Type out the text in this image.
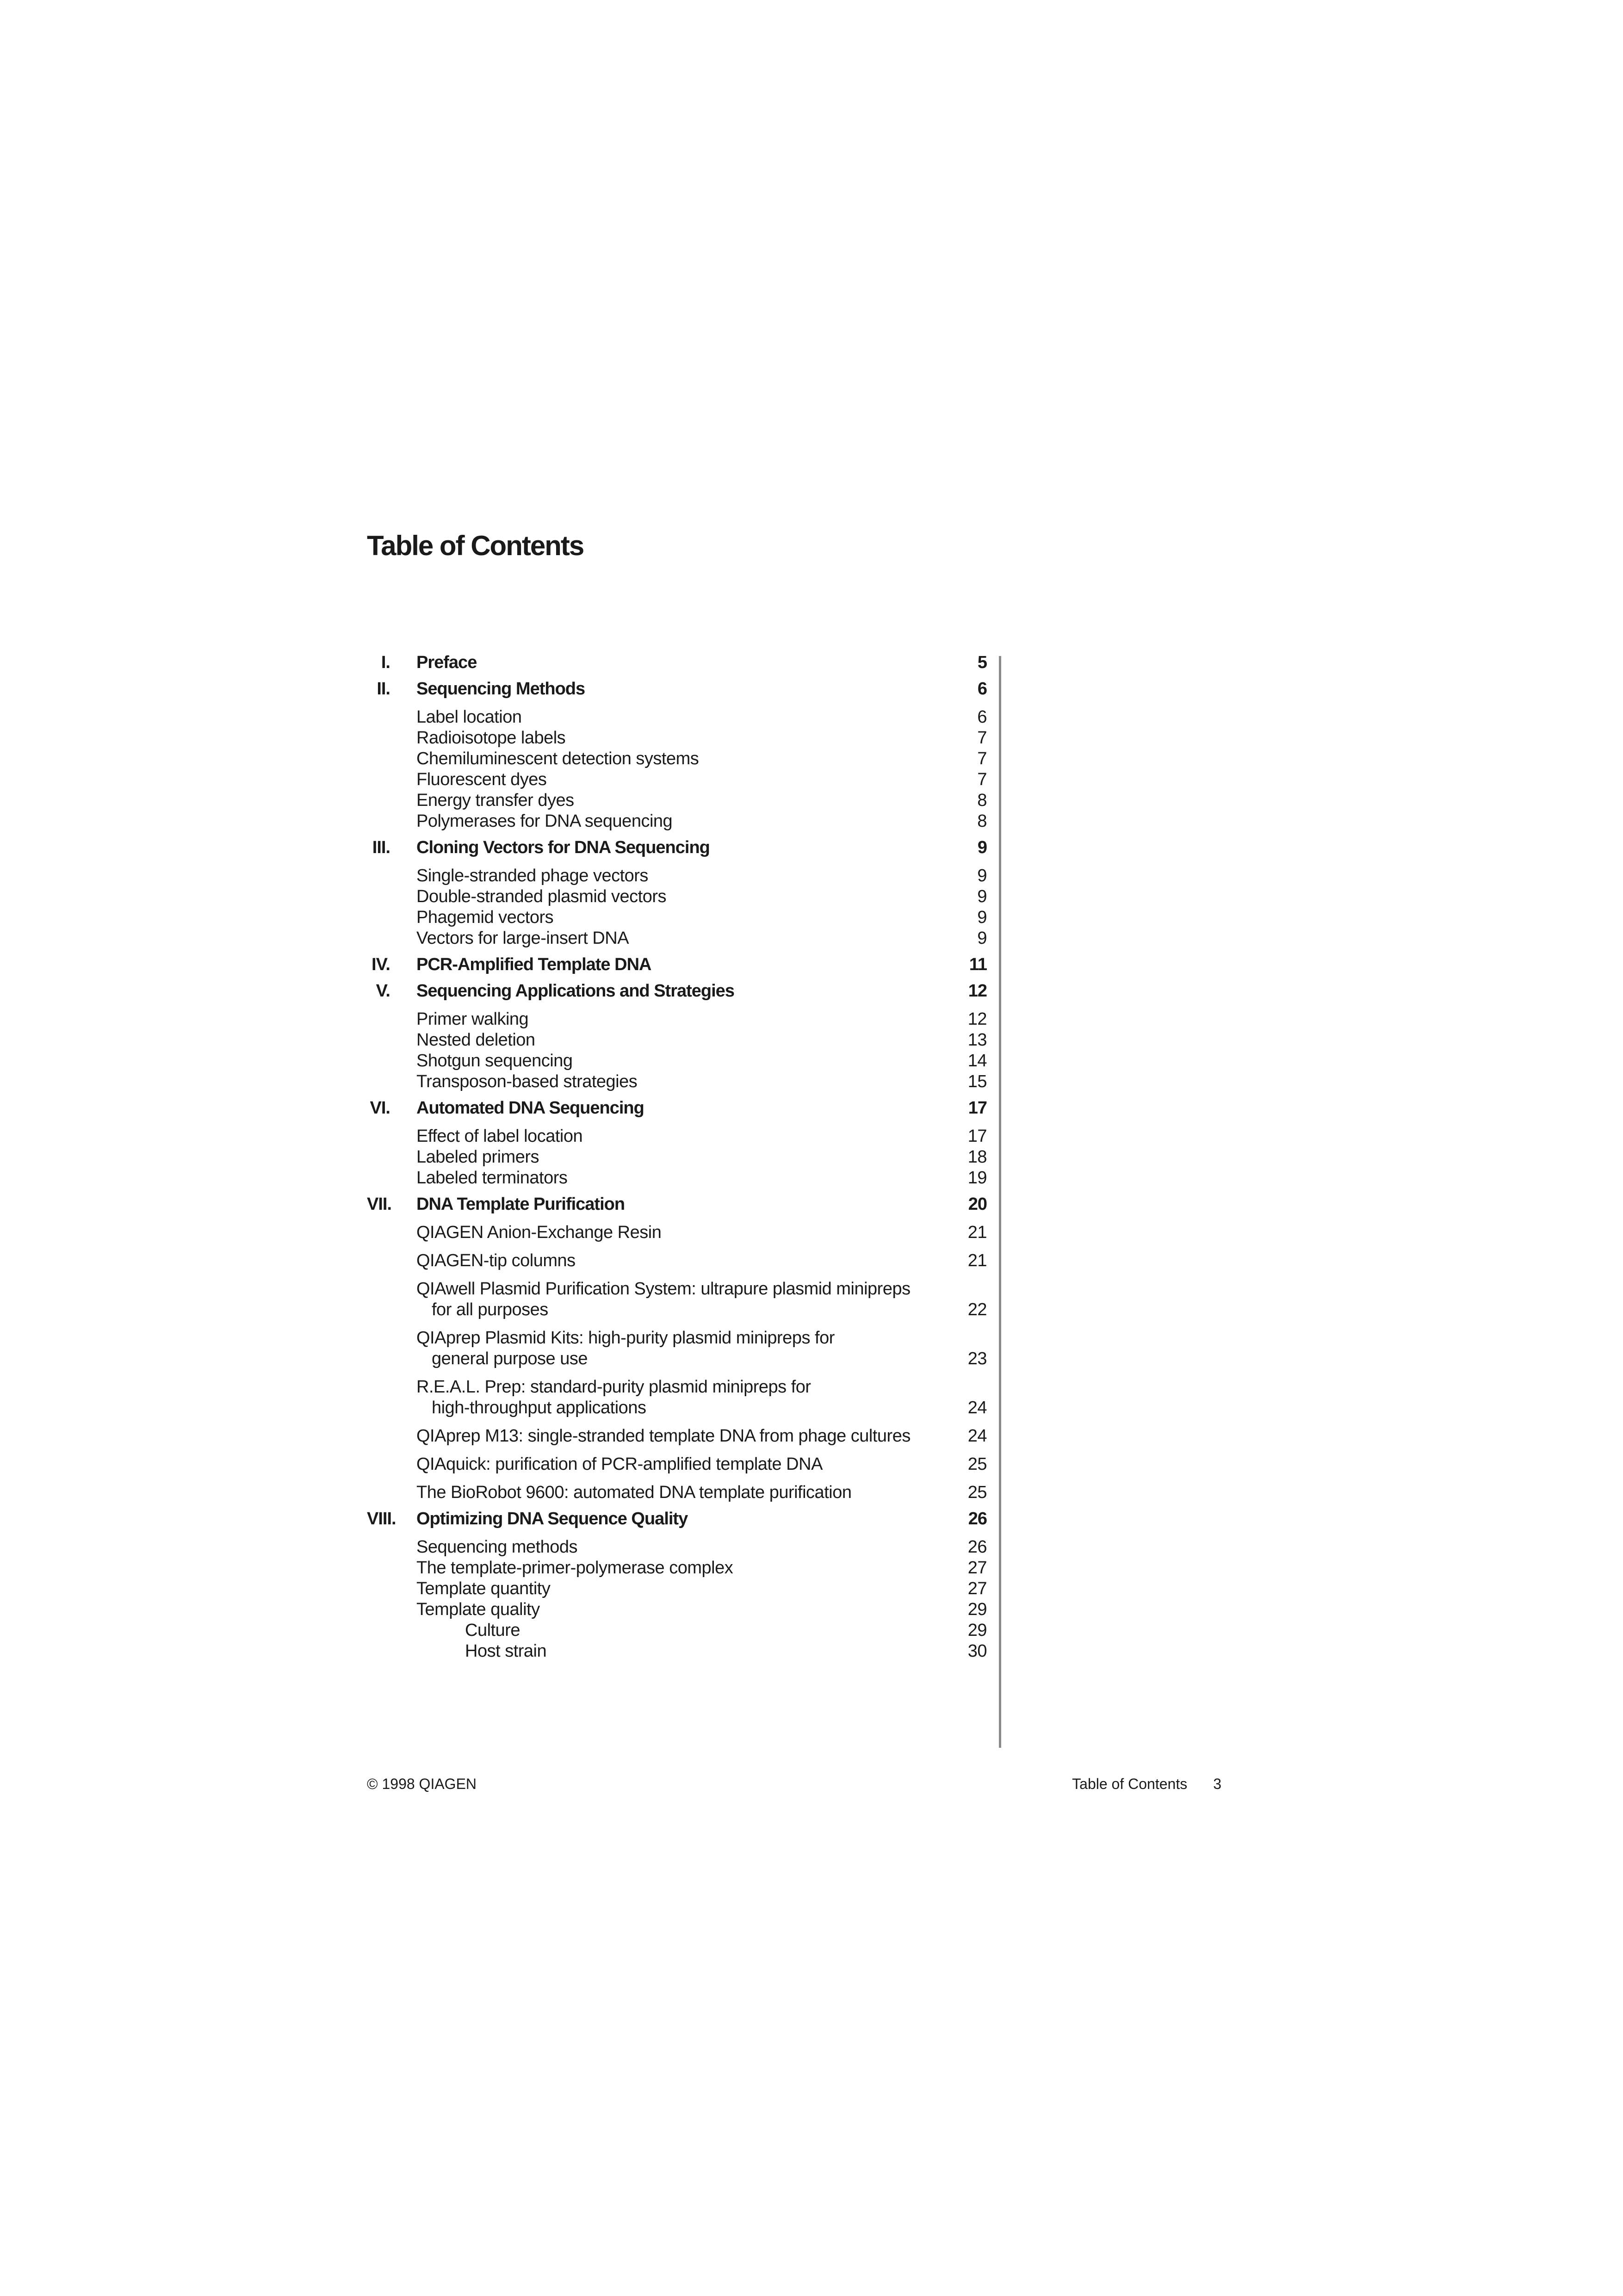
Table of Contents
I. Preface	5
II. Sequencing Methods	6
Label location	6
Radioisotope labels	7
Chemiluminescent detection systems	7
Fluorescent dyes	7
Energy transfer dyes	8
Polymerases for DNA sequencing	8
III. Cloning Vectors for DNA Sequencing	9
Single-stranded phage vectors	9
Double-stranded plasmid vectors	9
Phagemid vectors	9
Vectors for large-insert DNA	9
IV. PCR-Amplified Template DNA	11
V. Sequencing Applications and Strategies	12
Primer walking	12
Nested deletion	13
Shotgun sequencing	14
Transposon-based strategies	15
VI. Automated DNA Sequencing	17
Effect of label location	17
Labeled primers	18
Labeled terminators	19
VII. DNA Template Purification	20
QIAGEN Anion-Exchange Resin	21
QIAGEN-tip columns	21
QIAwell Plasmid Purification System: ultrapure plasmid minipreps
for all purposes	22
QIAprep Plasmid Kits: high-purity plasmid minipreps for
general purpose use	23
R.E.A.L. Prep: standard-purity plasmid minipreps for
high-throughput applications	24
QIAprep M13: single-stranded template DNA from phage cultures	24
QIAquick: purification of PCR-amplified template DNA	25
The BioRobot 9600: automated DNA template purification	25
VIII. Optimizing DNA Sequence Quality	26
Sequencing methods	26
The template-primer-polymerase complex	27
Template quantity	27
Template quality	29
Culture	29
Host strain	30
© 1998 QIAGEN	Table of Contents 3
